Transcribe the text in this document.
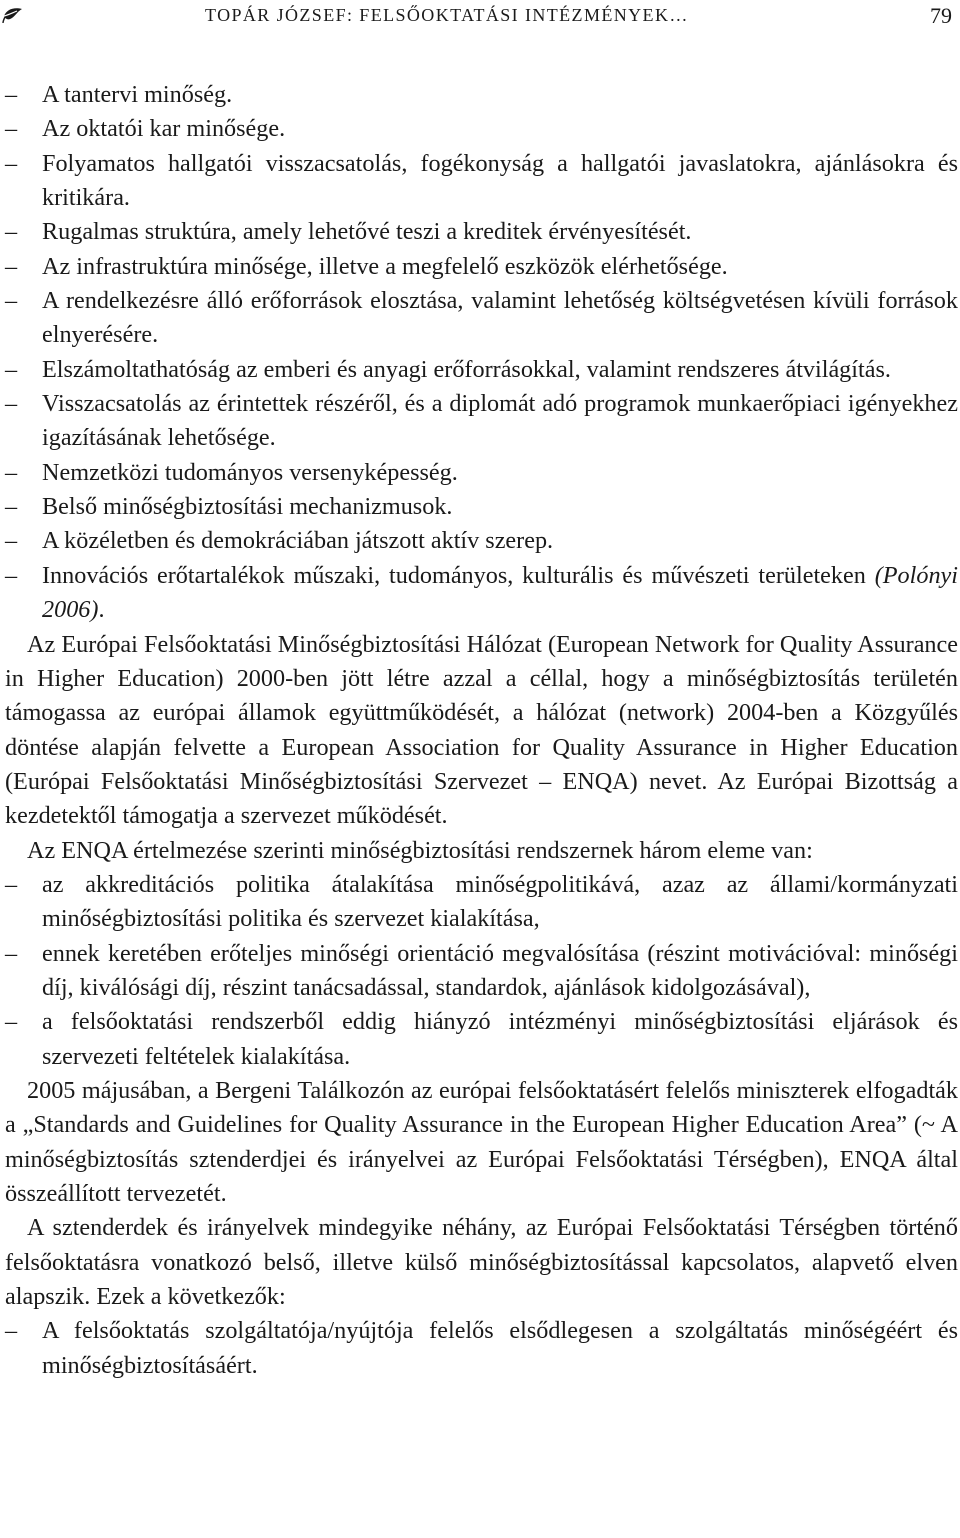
TOPÁR JÓZSEF: FELSŐOKTATÁSI INTÉZMÉNYEK…	79
– A tantervi minőség.
– Az oktatói kar minősége.
– Folyamatos hallgatói visszacsatolás, fogékonyság a hallgatói javaslatokra, ajánlásokra és kritikára.
– Rugalmas struktúra, amely lehetővé teszi a kreditek érvényesítését.
– Az infrastruktúra minősége, illetve a megfelelő eszközök elérhetősége.
– A rendelkezésre álló erőforrások elosztása, valamint lehetőség költségvetésen kívüli források elnyerésére.
– Elszámoltathatóság az emberi és anyagi erőforrásokkal, valamint rendszeres átvilágítás.
– Visszacsatolás az érintettek részéről, és a diplomát adó programok munkaerőpiaci igényekhez igazításának lehetősége.
– Nemzetközi tudományos versenyképesség.
– Belső minőségbiztosítási mechanizmusok.
– A közéletben és demokráciában játszott aktív szerep.
– Innovációs erőtartalékok műszaki, tudományos, kulturális és művészeti területeken (Polónyi 2006).

Az Európai Felsőoktatási Minőségbiztosítási Hálózat (European Network for Quality Assurance in Higher Education) 2000-ben jött létre azzal a céllal, hogy a minőségbiztosítás területén támogassa az európai államok együttműködését, a hálózat (network) 2004-ben a Közgyűlés döntése alapján felvette a European Association for Quality Assurance in Higher Education (Európai Felsőoktatási Minőségbiztosítási Szervezet – ENQA) nevet. Az Európai Bizottság a kezdetektől támogatja a szervezet működését.

Az ENQA értelmezése szerinti minőségbiztosítási rendszernek három eleme van:

– az akkreditációs politika átalakítása minőségpolitikává, azaz az állami/kormányzati minőségbiztosítási politika és szervezet kialakítása,
– ennek keretében erőteljes minőségi orientáció megvalósítása (részint motivációval: minőségi díj, kiválósági díj, részint tanácsadással, standardok, ajánlások kidolgozásával),
– a felsőoktatási rendszerből eddig hiányzó intézményi minőségbiztosítási eljárások és szervezeti feltételek kialakítása.

2005 májusában, a Bergeni Találkozón az európai felsőoktatásért felelős miniszterek elfogadták a „Standards and Guidelines for Quality Assurance in the European Higher Education Area” (~ A minőségbiztosítás sztenderdjei és irányelvei az Európai Felsőoktatási Térségben), ENQA által összeállított tervezetét.

A sztenderdek és irányelvek mindegyike néhány, az Európai Felsőoktatási Térségben történő felsőoktatásra vonatkozó belső, illetve külső minőségbiztosítással kapcsolatos, alapvető elven alapszik. Ezek a következők:

– A felsőoktatás szolgáltatója/nyújtója felelős elsődlegesen a szolgáltatás minőségéért és minőségbiztosításáért.
